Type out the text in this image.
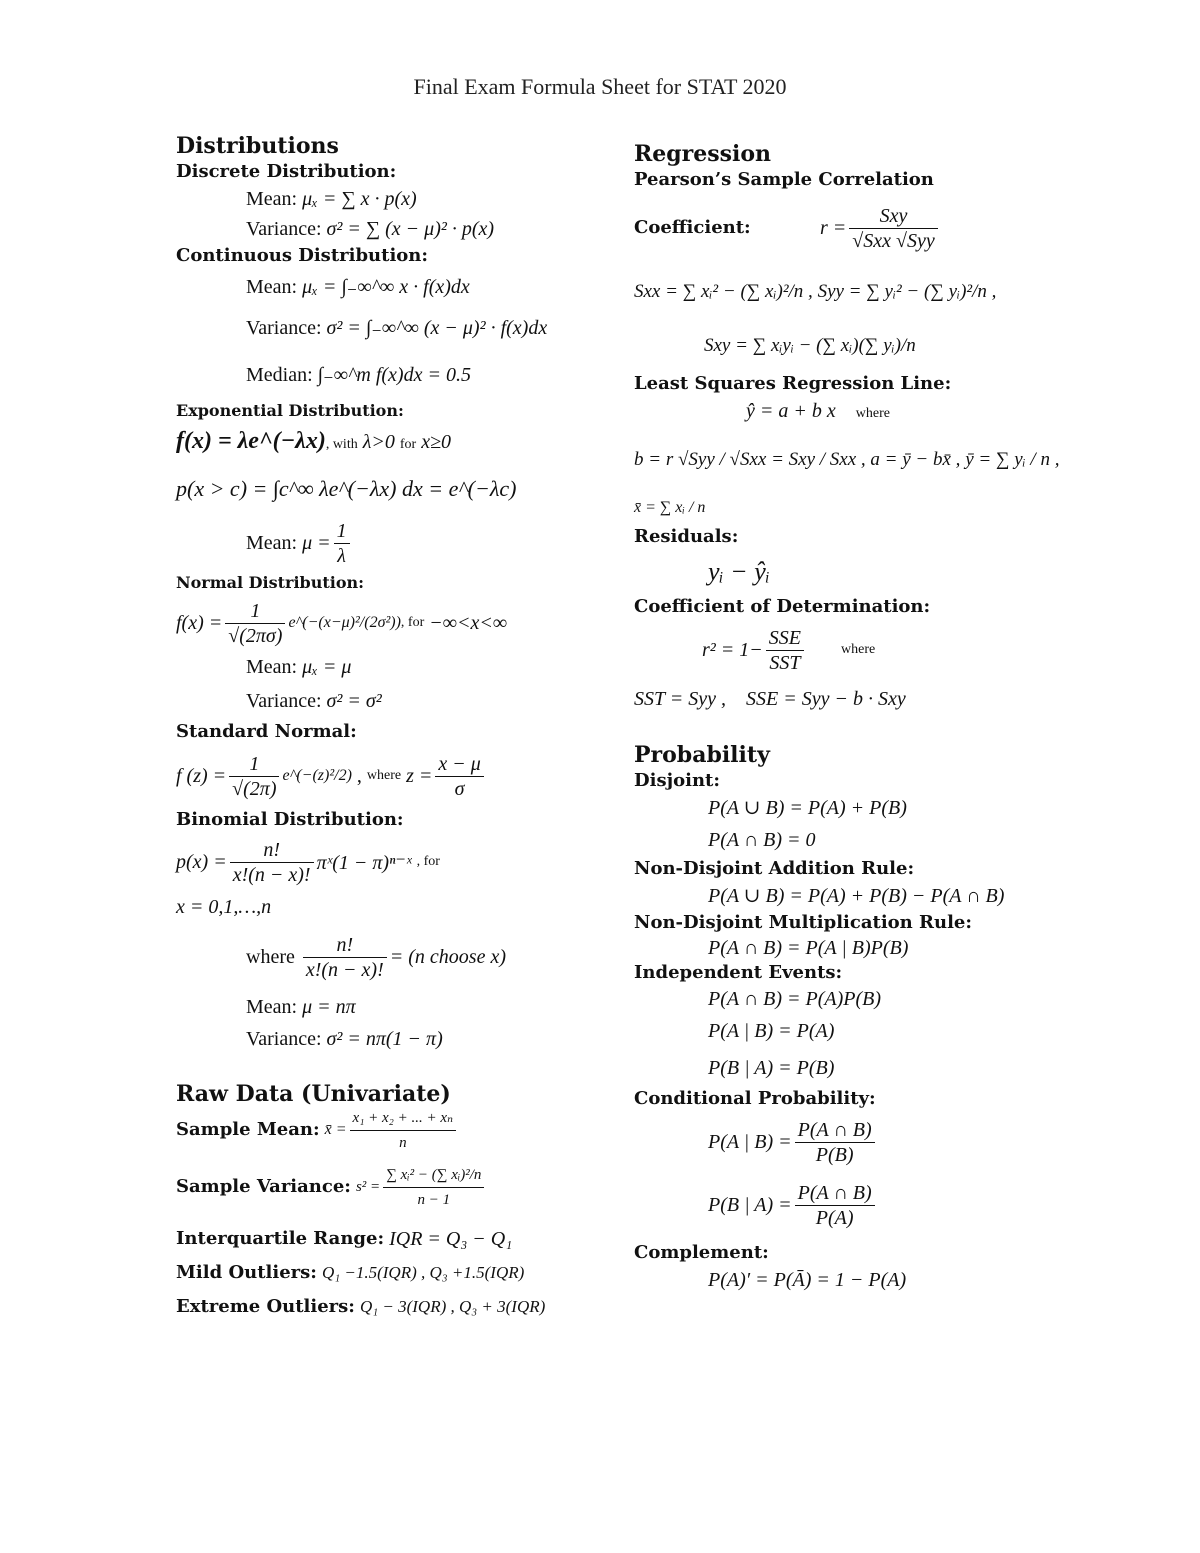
Final Exam Formula Sheet for STAT 2020
Distributions
Discrete Distribution:
Mean: μₓ = ∑ x · p(x)
Variance: σ² = ∑ (x − μ)² · p(x)
Continuous Distribution:
Mean: μₓ = ∫₋∞^∞ x · f(x)dx
Variance: σ² = ∫₋∞^∞ (x − μ)² · f(x)dx
Median: ∫₋∞^m f(x)dx = 0.5
Exponential Distribution:
f(x) = λe^(−λx), with λ>0 for x≥0
p(x > c) = ∫c^∞ λe^(−λx) dx = e^(−λc)
Mean:
$\mu = \frac{1}{\lambda}$
Normal Distribution:
$f(x) = \frac{1}{√(2\pi\sigma)}$ e^(−(x−μ)²/(2σ²)) , for
−∞<x<∞
Mean: μₓ = μ
Variance: σ² = σ²
Standard Normal:
f $(z) = \frac{1}{√(2\pi)}$ e^(−(z)²/2) , where
$z = \frac{x - \mu}{\sigma}$
Binomial Distribution:
$p(x) = \frac{n!}{x!(n - x)!}$ πˣ(1 − π)ⁿ⁻ˣ
, for
x = 0,1,…,n
where
$\frac{n!}{x!(n - x)!} = (n$ choose x)
Mean: μ = nπ
Variance: σ² = nπ(1 − π)
Raw Data (Univariate)
Sample Mean:
x̄ = $\frac{\text{x₁ + x₂ + ... + xₙ}}{n}$
Sample Variance:
$s^2 = \frac{\text{∑ xᵢ² − (∑ xᵢ)²/n}}{n - 1}$
Interquartile Range:
IQR = Q₃ − Q₁
Mild Outliers:
Q₁ −1.5(IQR) , Q₃ +1.5(IQR)
Extreme Outliers:
Q₁ − 3(IQR) , Q₃ + 3(IQR)
Regression
Pearson’s Sample Correlation
Coefficient:	$r = \frac{\text{Sxy}}{\text{√Sxx √Syy}}$
Sxx = ∑ xᵢ² − (∑ xᵢ)²/n , Syy = ∑ yᵢ² − (∑ yᵢ)²/n ,
Sxy = ∑ xᵢyᵢ − (∑ xᵢ)(∑ yᵢ)/n
Least Squares Regression Line:
ŷ = a + b x where
b = r √Syy / √Sxx = Sxy / Sxx , a = ȳ − bx̄ , ȳ = ∑ yᵢ / n ,
x̄ = ∑ xᵢ / n
Residuals:
yᵢ − ŷᵢ
Coefficient of Determination:
$r^2 = 1- \frac{\text{SSE}}{\text{SST}}$	where
SST = Syy , SSE = Syy − b · Sxy
Probability
Disjoint:
P(A ∪ B) = P(A) + P(B)
P(A ∩ B) = 0
Non-Disjoint Addition Rule:
P(A ∪ B) = P(A) + P(B) − P(A ∩ B)
Non-Disjoint Multiplication Rule:
P(A ∩ B) = P(A | B)P(B)
Independent Events:
P(A ∩ B) = P(A)P(B)
P(A | B) = P(A)
P(B | A) = P(B)
Conditional Probability:
P(A | $B) = \frac{P(A \cap B)}{P(B)}$
P(B | $A) = \frac{P(A \cap B)}{P(A)}$
Complement:
P(A)′ = P(Ā) = 1 − P(A)
